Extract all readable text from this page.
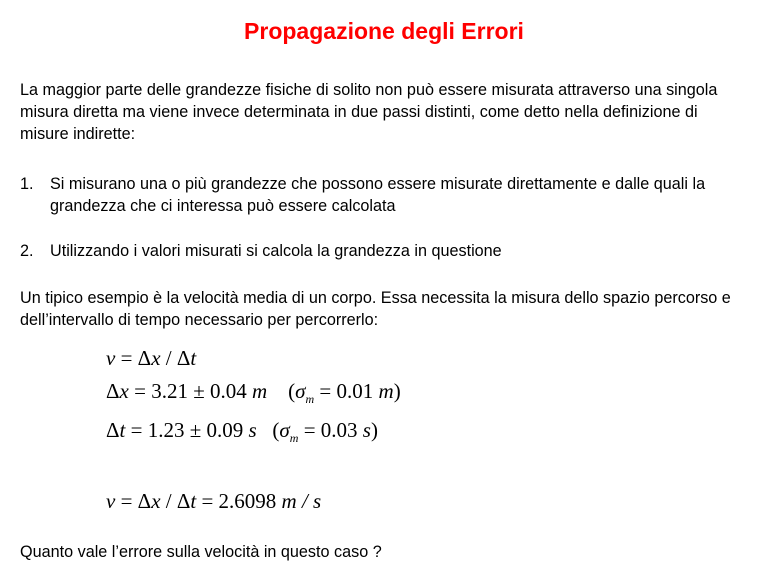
Propagazione degli Errori
La maggior parte delle grandezze fisiche di solito non può essere misurata attraverso una singola misura diretta ma viene invece determinata in due passi distinti, come detto nella definizione di misure indirette:
1.	Si misurano una o più grandezze che possono essere misurate direttamente e dalle quali la grandezza che ci interessa può essere calcolata
2.	Utilizzando i valori misurati si calcola la grandezza in questione
Un tipico esempio è la velocità media di un corpo. Essa necessita la misura dello spazio percorso e dell’intervallo di tempo necessario per percorrerlo:
v = Δx / Δt
Δx = 3.21 ± 0.04 m    ($\sigma_m = 0.01$ m)
Δt = 1.23 ± 0.09 s   ($\sigma_m = 0.03$ s)
v = Δx / Δt = 2.6098 m / s
Quanto vale l’errore sulla velocità in questo caso ?
